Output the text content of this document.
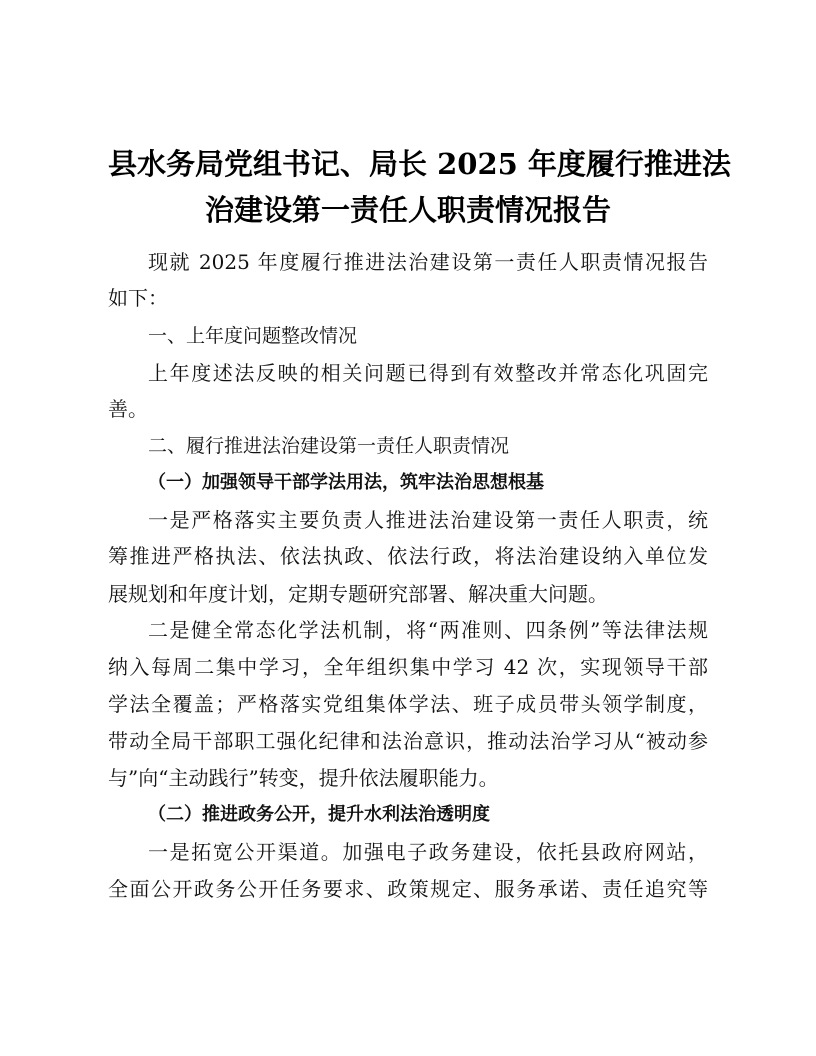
县水务局党组书记、局长 2025 年度履行推进法
治建设第一责任人职责情况报告
现就 2025 年度履行推进法治建设第一责任人职责情况报告
如下：
一、上年度问题整改情况
上年度述法反映的相关问题已得到有效整改并常态化巩固完
善。
二、履行推进法治建设第一责任人职责情况
（一）加强领导干部学法用法，筑牢法治思想根基
一是严格落实主要负责人推进法治建设第一责任人职责，统
筹推进严格执法、依法执政、依法行政，将法治建设纳入单位发
展规划和年度计划，定期专题研究部署、解决重大问题。
二是健全常态化学法机制，将“两准则、四条例”等法律法规
纳入每周二集中学习，全年组织集中学习 42 次，实现领导干部
学法全覆盖；严格落实党组集体学法、班子成员带头领学制度，
带动全局干部职工强化纪律和法治意识，推动法治学习从“被动参
与”向“主动践行”转变，提升依法履职能力。
（二）推进政务公开，提升水利法治透明度
一是拓宽公开渠道。加强电子政务建设，依托县政府网站，
全面公开政务公开任务要求、政策规定、服务承诺、责任追究等
